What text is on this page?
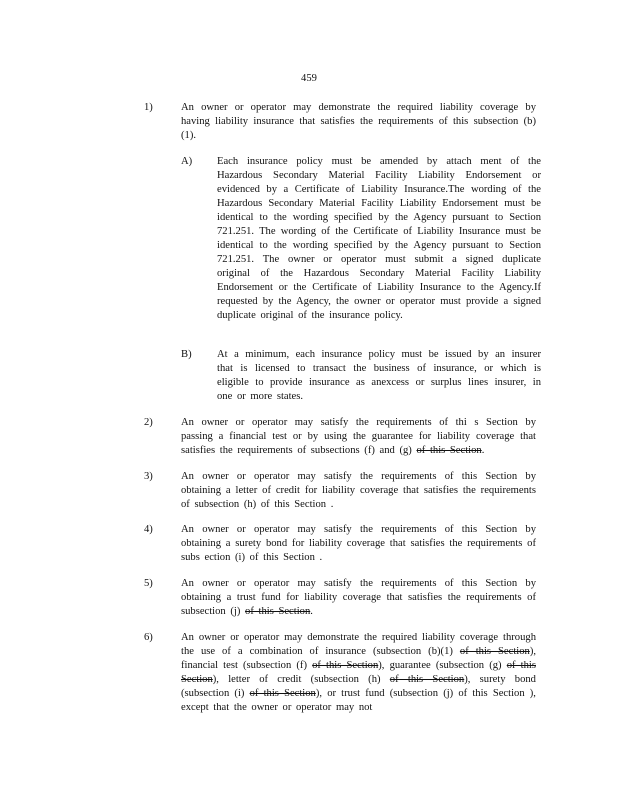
459
1)	An owner or operator may demonstrate the required liability coverage by having liability insurance that satisfies the requirements of this subsection (b)(1).
A) Each insurance policy must be amended by attach ment of the Hazardous Secondary Material Facility Liability Endorsement or evidenced by a Certificate of Liability Insurance.The wording of the Hazardous Secondary Material Facility Liability Endorsement must be identical to the wording specified by the Agency pursuant to Section 721.251. The wording of the Certificate of Liability Insurance must be identical to the wording specified by the Agency pursuant to Section 721.251. The owner or operator must submit a signed duplicate original of the Hazardous Secondary Material Facility Liability Endorsement or the Certificate of Liability Insurance to the Agency.If requested by the Agency, the owner or operator must provide a signed duplicate original of the insurance policy.
B) At a minimum, each insurance policy must be issued by an insurer that is licensed to transact the business of insurance, or which is eligible to provide insurance as anexcess or surplus lines insurer, in one or more states.
2)	An owner or operator may satisfy the requirements of thi s Section by passing a financial test or by using the guarantee for liability coverage that satisfies the requirements of subsections (f) and (g) of this Section.
3)	An owner or operator may satisfy the requirements of this Section by obtaining a letter of credit for liability coverage that satisfies the requirements of subsection (h) of this Section .
4)	An owner or operator may satisfy the requirements of this Section by obtaining a surety bond for liability coverage that satisfies the requirements of subs ection (i) of this Section .
5)	An owner or operator may satisfy the requirements of this Section by obtaining a trust fund for liability coverage that satisfies the requirements of subsection (j) of this Section.
6)	An owner or operator may demonstrate the required liability coverage through the use of a combination of insurance (subsection (b)(1) of this Section), financial test (subsection (f) of this Section), guarantee (subsection (g) of this Section), letter of credit (subsection (h) of this Section), surety bond (subsection (i) of this Section), or trust fund (subsection (j) of this Section ), except that the owner or operator may not
